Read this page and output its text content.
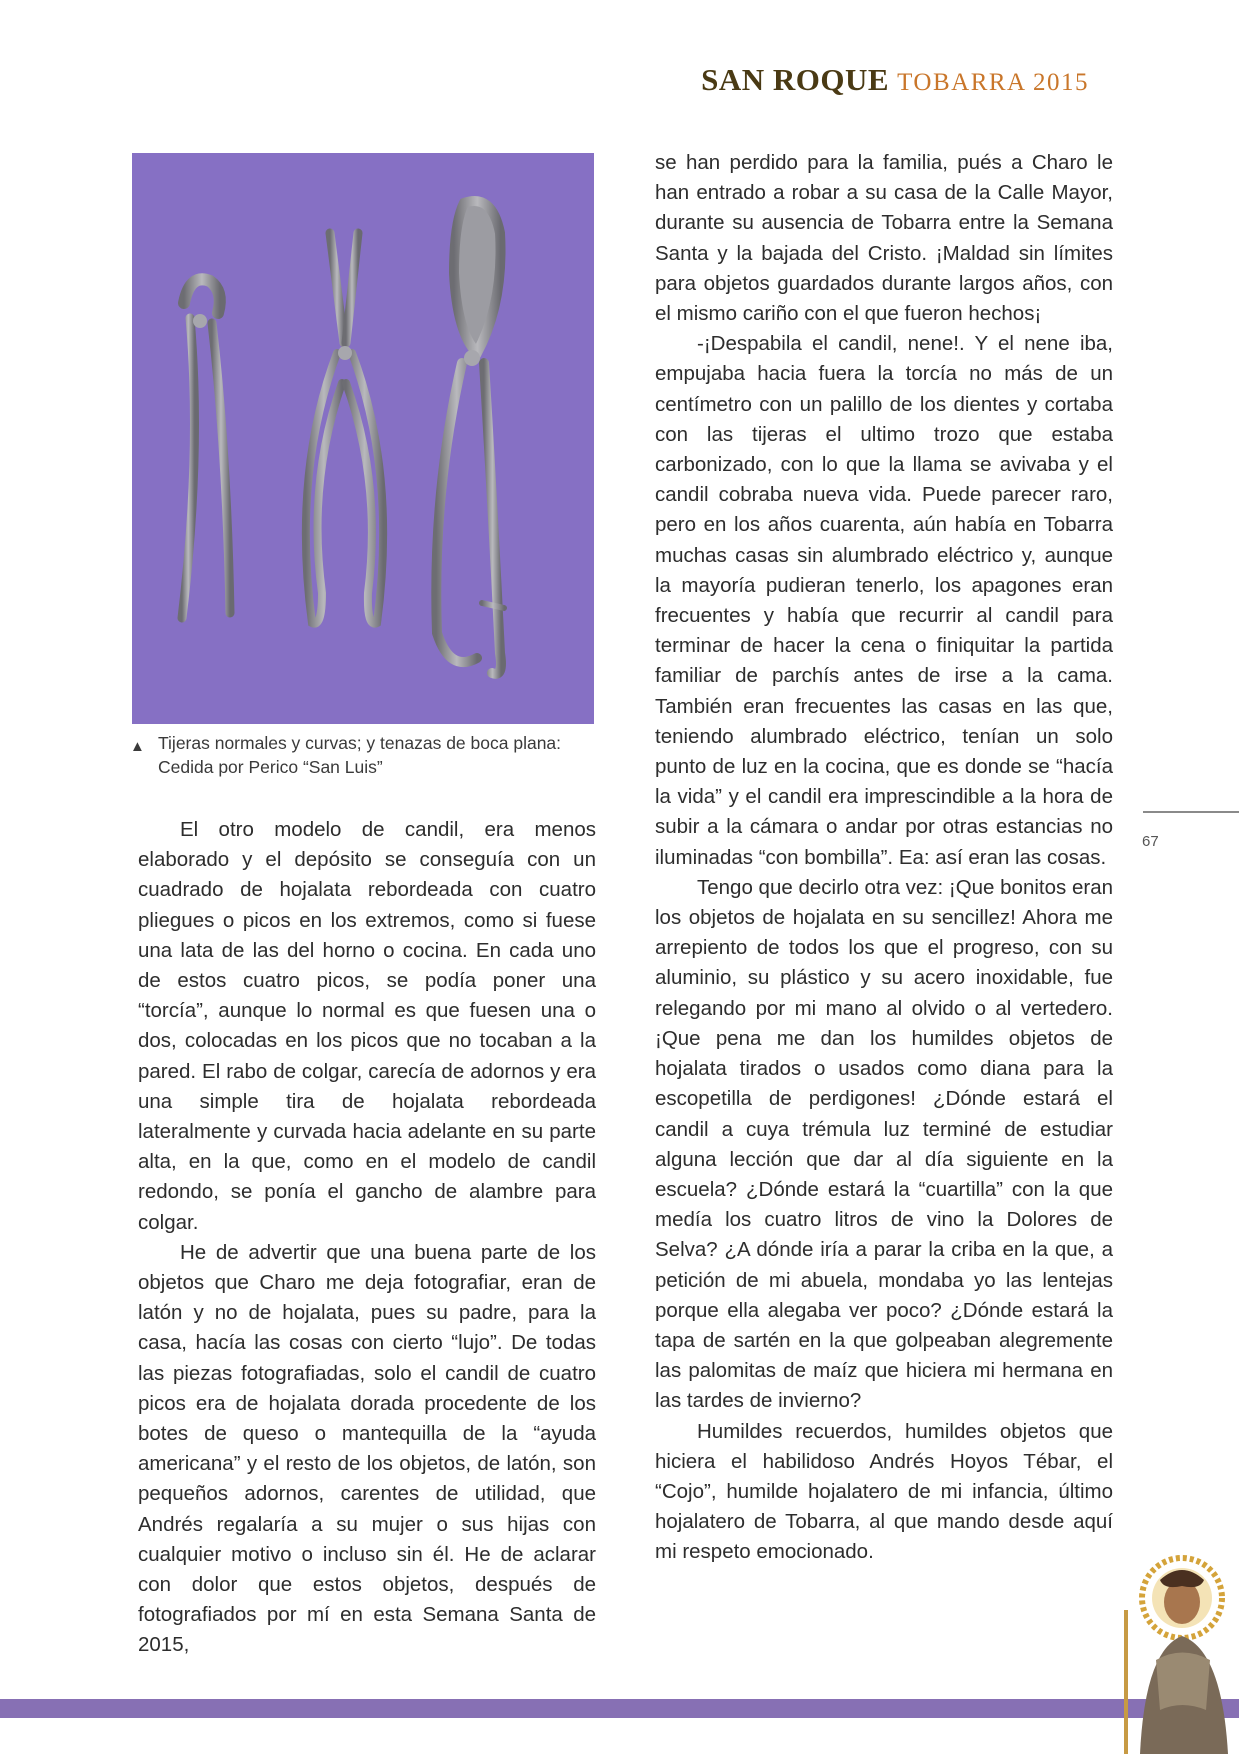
SAN ROQUE TOBARRA 2015
▲ Tijeras normales y curvas; y tenazas de boca plana:
Cedida por Perico “San Luis”

El otro modelo de candil, era menos elaborado y el depósito se conseguía con un cuadrado de hojalata rebordeada con cuatro pliegues o picos en los extremos, como si fuese una lata de las del horno o cocina. En cada uno de estos cuatro picos, se podía poner una “torcía”, aunque lo normal es que fuesen una o dos, colocadas en los picos que no tocaban a la pared. El rabo de colgar, carecía de adornos y era una simple tira de hojalata rebordeada lateralmente y curvada hacia adelante en su parte alta, en la que, como en el modelo de candil redondo, se ponía el gancho de alambre para colgar.

He de advertir que una buena parte de los objetos que Charo me deja fotografiar, eran de latón y no de hojalata, pues su padre, para la casa, hacía las cosas con cierto “lujo”. De todas las piezas fotografiadas, solo el candil de cuatro picos era de hojalata dorada procedente de los botes de queso o mantequilla de la “ayuda americana” y el resto de los objetos, de latón, son pequeños adornos, carentes de utilidad, que Andrés regalaría a su mujer o sus hijas con cualquier motivo o incluso sin él. He de aclarar con dolor que estos objetos, después de fotografiados por mí en esta Semana Santa de 2015,

se han perdido para la familia, pués a Charo le han entrado a robar a su casa de la Calle Mayor, durante su ausencia de Tobarra entre la Semana Santa y la bajada del Cristo. ¡Maldad sin límites para objetos guardados durante largos años, con el mismo cariño con el que fueron hechos¡

-¡Despabila el candil, nene!. Y el nene iba, empujaba hacia fuera la torcía no más de un centímetro con un palillo de los dientes y cortaba con las tijeras el ultimo trozo que estaba carbonizado, con lo que la llama se avivaba y el candil cobraba nueva vida. Puede parecer raro, pero en los años cuarenta, aún había en Tobarra muchas casas sin alumbrado eléctrico y, aunque la mayoría pudieran tenerlo, los apagones eran frecuentes y había que recurrir al candil para terminar de hacer la cena o finiquitar la partida familiar de parchís antes de irse a la cama. También eran frecuentes las casas en las que, teniendo alumbrado eléctrico, tenían un solo punto de luz en la cocina, que es donde se “hacía la vida” y el candil era imprescindible a la hora de subir a la cámara o andar por otras estancias no iluminadas “con bombilla”. Ea: así eran las cosas.

Tengo que decirlo otra vez: ¡Que bonitos eran los objetos de hojalata en su sencillez! Ahora me arrepiento de todos los que el progreso, con su aluminio, su plástico y su acero inoxidable, fue relegando por mi mano al olvido o al vertedero. ¡Que pena me dan los humildes objetos de hojalata tirados o usados como diana para la escopetilla de perdigones! ¿Dónde estará el candil a cuya trémula luz terminé de estudiar alguna lección que dar al día siguiente en la escuela? ¿Dónde estará la “cuartilla” con la que medía los cuatro litros de vino la Dolores de Selva? ¿A dónde iría a parar la criba en la que, a petición de mi abuela, mondaba yo las lentejas porque ella alegaba ver poco? ¿Dónde estará la tapa de sartén en la que golpeaban alegremente las palomitas de maíz que hiciera mi hermana en las tardes de invierno?

Humildes recuerdos, humildes objetos que hiciera el habilidoso Andrés Hoyos Tébar, el “Cojo”, humilde hojalatero de mi infancia, último hojalatero de Tobarra, al que mando desde aquí mi respeto emocionado.

67
